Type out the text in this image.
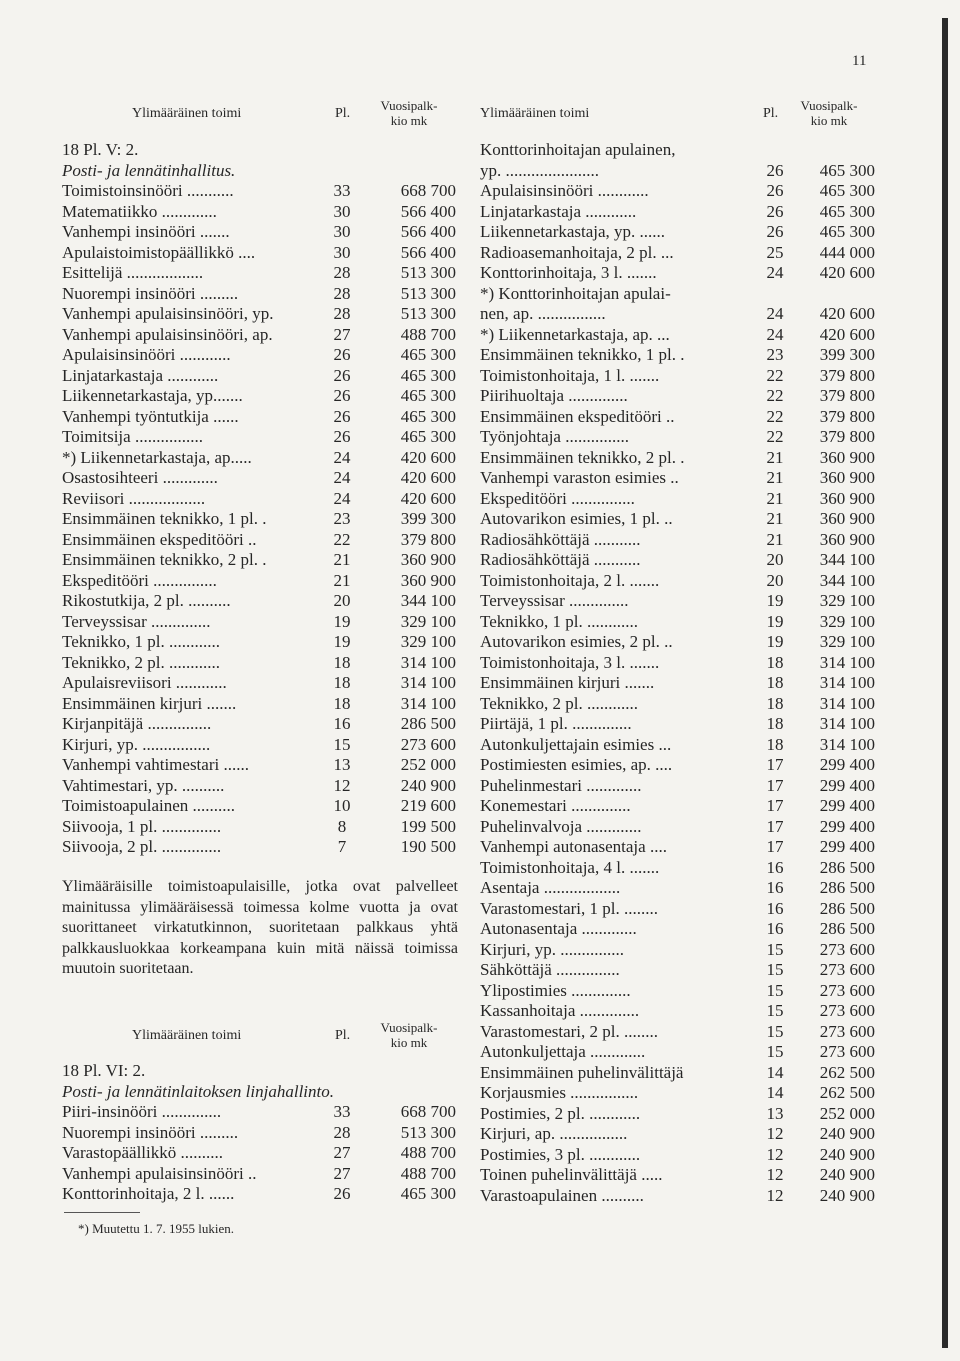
11
Ylimääräinen toimi	Pl.
Vuosipalk-
kio mk
18 Pl. V: 2.
Posti- ja lennätinhallitus.
Toimistoinsinööri ...........	33	668 700
Matematiikko .............	30	566 400
Vanhempi insinööri .......	30	566 400
Apulaistoimistopäällikkö ....	30	566 400
Esittelijä ..................	28	513 300
Nuorempi insinööri .........	28	513 300
Vanhempi apulaisinsinööri, yp.	28	513 300
Vanhempi apulaisinsinööri, ap.	27	488 700
Apulaisinsinööri ............	26	465 300
Linjatarkastaja ............	26	465 300
Liikennetarkastaja, yp.......	26	465 300
Vanhempi työntutkija ......	26	465 300
Toimitsija ................	26	465 300
*) Liikennetarkastaja, ap.....	24	420 600
Osastosihteeri .............	24	420 600
Reviisori ..................	24	420 600
Ensimmäinen teknikko, 1 pl. .	23	399 300
Ensimmäinen ekspeditööri ..	22	379 800
Ensimmäinen teknikko, 2 pl. .	21	360 900
Ekspeditööri ...............	21	360 900
Rikostutkija, 2 pl. ..........	20	344 100
Terveyssisar ..............	19	329 100
Teknikko, 1 pl. ............	19	329 100
Teknikko, 2 pl. ............	18	314 100
Apulaisreviisori ............	18	314 100
Ensimmäinen kirjuri .......	18	314 100
Kirjanpitäjä ...............	16	286 500
Kirjuri, yp. ................	15	273 600
Vanhempi vahtimestari ......	13	252 000
Vahtimestari, yp. ..........	12	240 900
Toimistoapulainen ..........	10	219 600
Siivooja, 1 pl. ..............	8	199 500
Siivooja, 2 pl. ..............	7	190 500
Ylimääräisille toimistoapulaisille, jotka ovat palvelleet mainitussa ylimääräisessä toimessa kolme vuotta ja ovat suorittaneet virkatutkinnon, suoritetaan palkkaus yhtä palkkausluokkaa korkeampana kuin mitä näissä toimissa muutoin suoritetaan.
Ylimääräinen toimi	Pl.
Vuosipalk-
kio mk
18 Pl. VI: 2.
Posti- ja lennätinlaitoksen linjahallinto.
Piiri-insinööri ..............	33	668 700
Nuorempi insinööri .........	28	513 300
Varastopäällikkö ..........	27	488 700
Vanhempi apulaisinsinööri ..	27	488 700
Konttorinhoitaja, 2 l. ......	26	465 300
*) Muutettu 1. 7. 1955 lukien.
Ylimääräinen toimi	Pl.
Vuosipalk-
kio mk
Konttorinhoitajan apulainen,
yp. ......................	26	465 300
Apulaisinsinööri ............	26	465 300
Linjatarkastaja ............	26	465 300
Liikennetarkastaja, yp. ......	26	465 300
Radioasemanhoitaja, 2 pl. ...	25	444 000
Konttorinhoitaja, 3 l. .......	24	420 600
*) Konttorinhoitajan apulai-
nen, ap. ................	24	420 600
*) Liikennetarkastaja, ap. ...	24	420 600
Ensimmäinen teknikko, 1 pl. .	23	399 300
Toimistonhoitaja, 1 l. .......	22	379 800
Piirihuoltaja ..............	22	379 800
Ensimmäinen ekspeditööri ..	22	379 800
Työnjohtaja ...............	22	379 800
Ensimmäinen teknikko, 2 pl. .	21	360 900
Vanhempi varaston esimies ..	21	360 900
Ekspeditööri ...............	21	360 900
Autovarikon esimies, 1 pl. ..	21	360 900
Radiosähköttäjä ...........	21	360 900
Radiosähköttäjä ...........	20	344 100
Toimistonhoitaja, 2 l. .......	20	344 100
Terveyssisar ..............	19	329 100
Teknikko, 1 pl. ............	19	329 100
Autovarikon esimies, 2 pl. ..	19	329 100
Toimistonhoitaja, 3 l. .......	18	314 100
Ensimmäinen kirjuri .......	18	314 100
Teknikko, 2 pl. ............	18	314 100
Piirtäjä, 1 pl. ..............	18	314 100
Autonkuljettajain esimies ...	18	314 100
Postimiesten esimies, ap. ....	17	299 400
Puhelinmestari .............	17	299 400
Konemestari ..............	17	299 400
Puhelinvalvoja .............	17	299 400
Vanhempi autonasentaja ....	17	299 400
Toimistonhoitaja, 4 l. .......	16	286 500
Asentaja ..................	16	286 500
Varastomestari, 1 pl. ........	16	286 500
Autonasentaja .............	16	286 500
Kirjuri, yp. ...............	15	273 600
Sähköttäjä ...............	15	273 600
Ylipostimies ..............	15	273 600
Kassanhoitaja ..............	15	273 600
Varastomestari, 2 pl. ........	15	273 600
Autonkuljettaja .............	15	273 600
Ensimmäinen puhelinvälittäjä	14	262 500
Korjausmies ................	14	262 500
Postimies, 2 pl. ............	13	252 000
Kirjuri, ap. ................	12	240 900
Postimies, 3 pl. ............	12	240 900
Toinen puhelinvälittäjä .....	12	240 900
Varastoapulainen ..........	12	240 900
